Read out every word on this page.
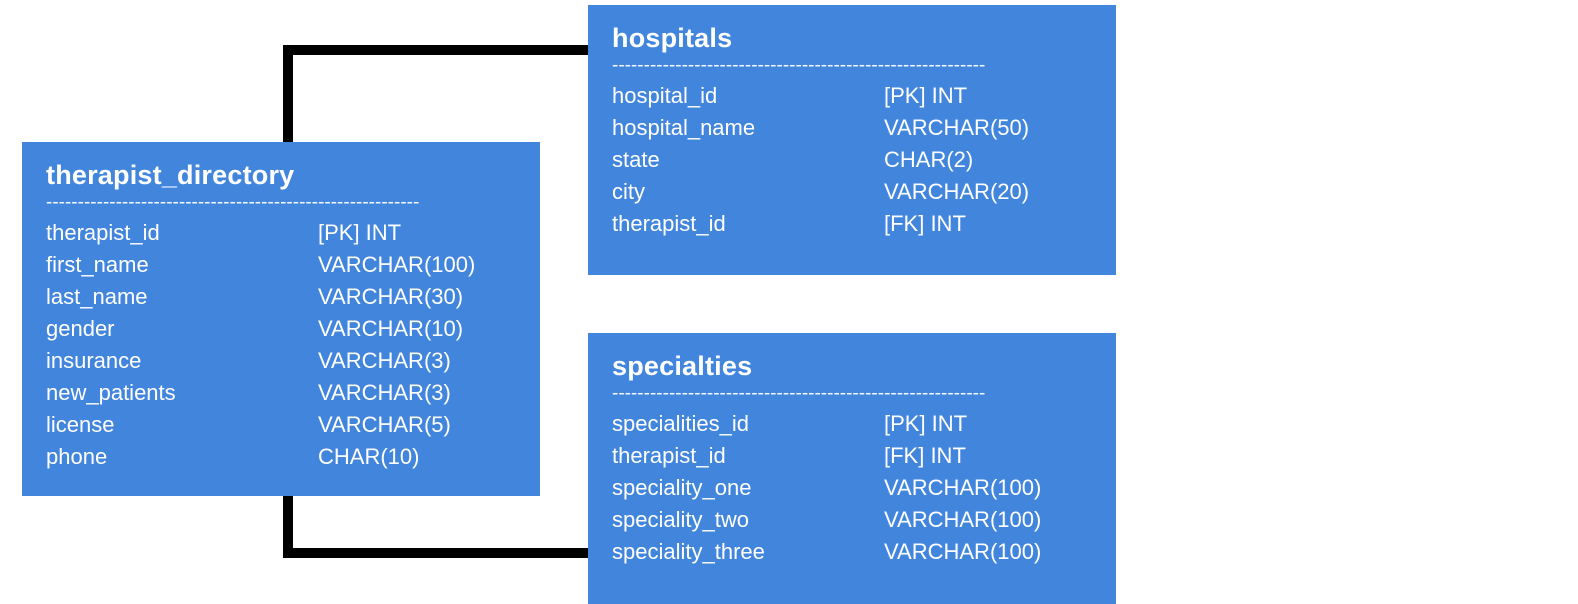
therapist_directory
-----------------------------------------------------------
therapist_id	[PK] INT
first_name	VARCHAR(100)
last_name	VARCHAR(30)
gender	VARCHAR(10)
insurance	VARCHAR(3)
new_patients	VARCHAR(3)
license	VARCHAR(5)
phone	CHAR(10)
hospitals
-----------------------------------------------------------
hospital_id	[PK] INT
hospital_name	VARCHAR(50)
state	CHAR(2)
city	VARCHAR(20)
therapist_id	[FK] INT
specialties
-----------------------------------------------------------
specialities_id	[PK] INT
therapist_id	[FK] INT
speciality_one	VARCHAR(100)
speciality_two	VARCHAR(100)
speciality_three	VARCHAR(100)
